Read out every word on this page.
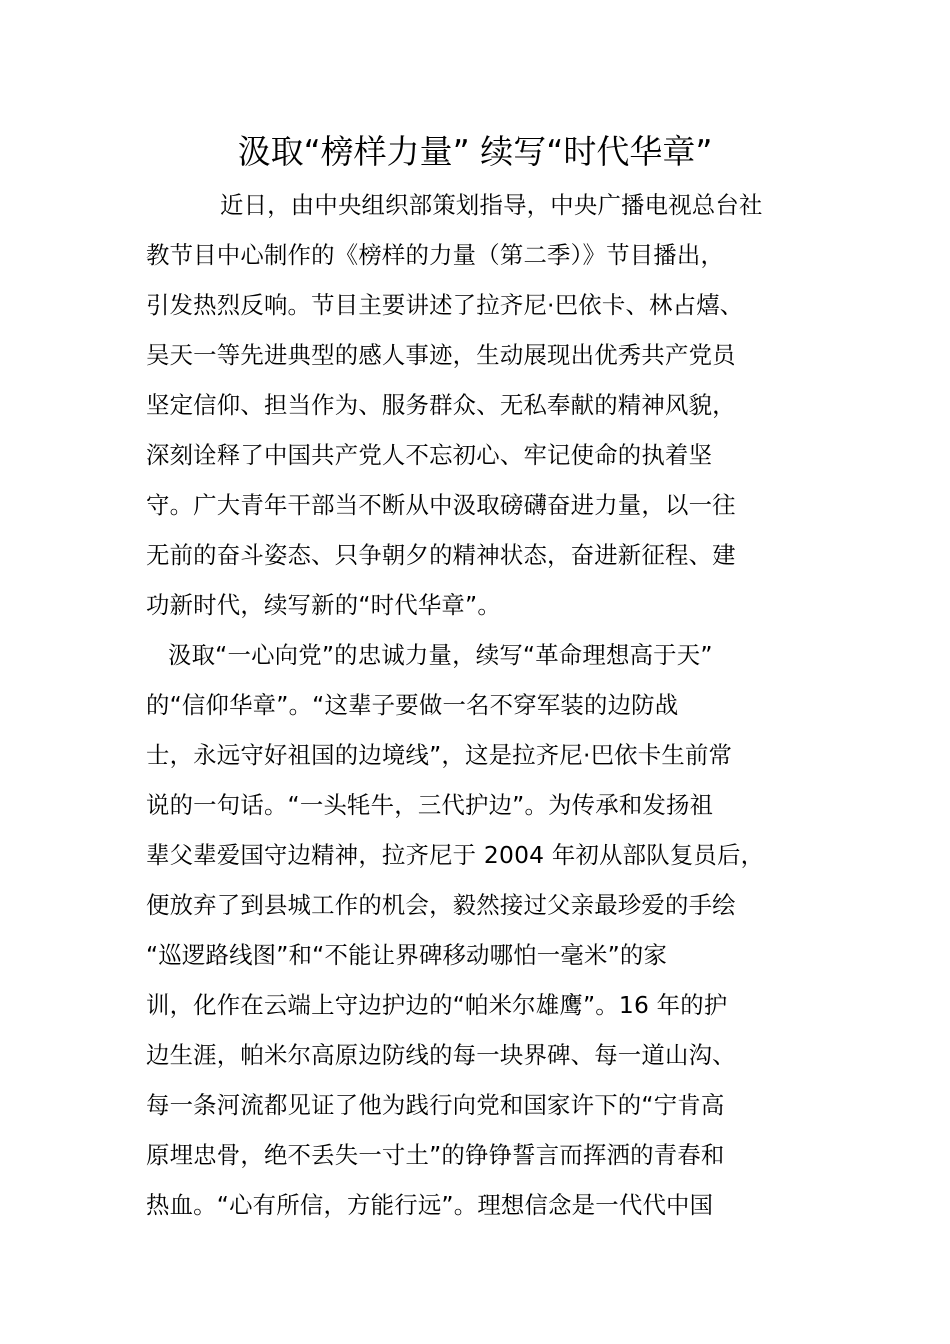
汲取“榜样力量” 续写“时代华章”
近日，由中央组织部策划指导，中央广播电视总台社
教节目中心制作的《榜样的力量（第二季）》节目播出，
引发热烈反响。节目主要讲述了拉齐尼·巴依卡、林占熺、
吴天一等先进典型的感人事迹，生动展现出优秀共产党员
坚定信仰、担当作为、服务群众、无私奉献的精神风貌，
深刻诠释了中国共产党人不忘初心、牢记使命的执着坚
守。广大青年干部当不断从中汲取磅礴奋进力量，以一往
无前的奋斗姿态、只争朝夕的精神状态，奋进新征程、建
功新时代，续写新的“时代华章”。
汲取“一心向党”的忠诚力量，续写“革命理想高于天”
的“信仰华章”。“这辈子要做一名不穿军装的边防战
士，永远守好祖国的边境线”，这是拉齐尼·巴依卡生前常
说的一句话。“一头牦牛，三代护边”。为传承和发扬祖
辈父辈爱国守边精神，拉齐尼于 2004 年初从部队复员后，
便放弃了到县城工作的机会，毅然接过父亲最珍爱的手绘
“巡逻路线图”和“不能让界碑移动哪怕一毫米”的家
训，化作在云端上守边护边的“帕米尔雄鹰”。16 年的护
边生涯，帕米尔高原边防线的每一块界碑、每一道山沟、
每一条河流都见证了他为践行向党和国家许下的“宁肯高
原埋忠骨，绝不丢失一寸土”的铮铮誓言而挥洒的青春和
热血。“心有所信，方能行远”。理想信念是一代代中国
